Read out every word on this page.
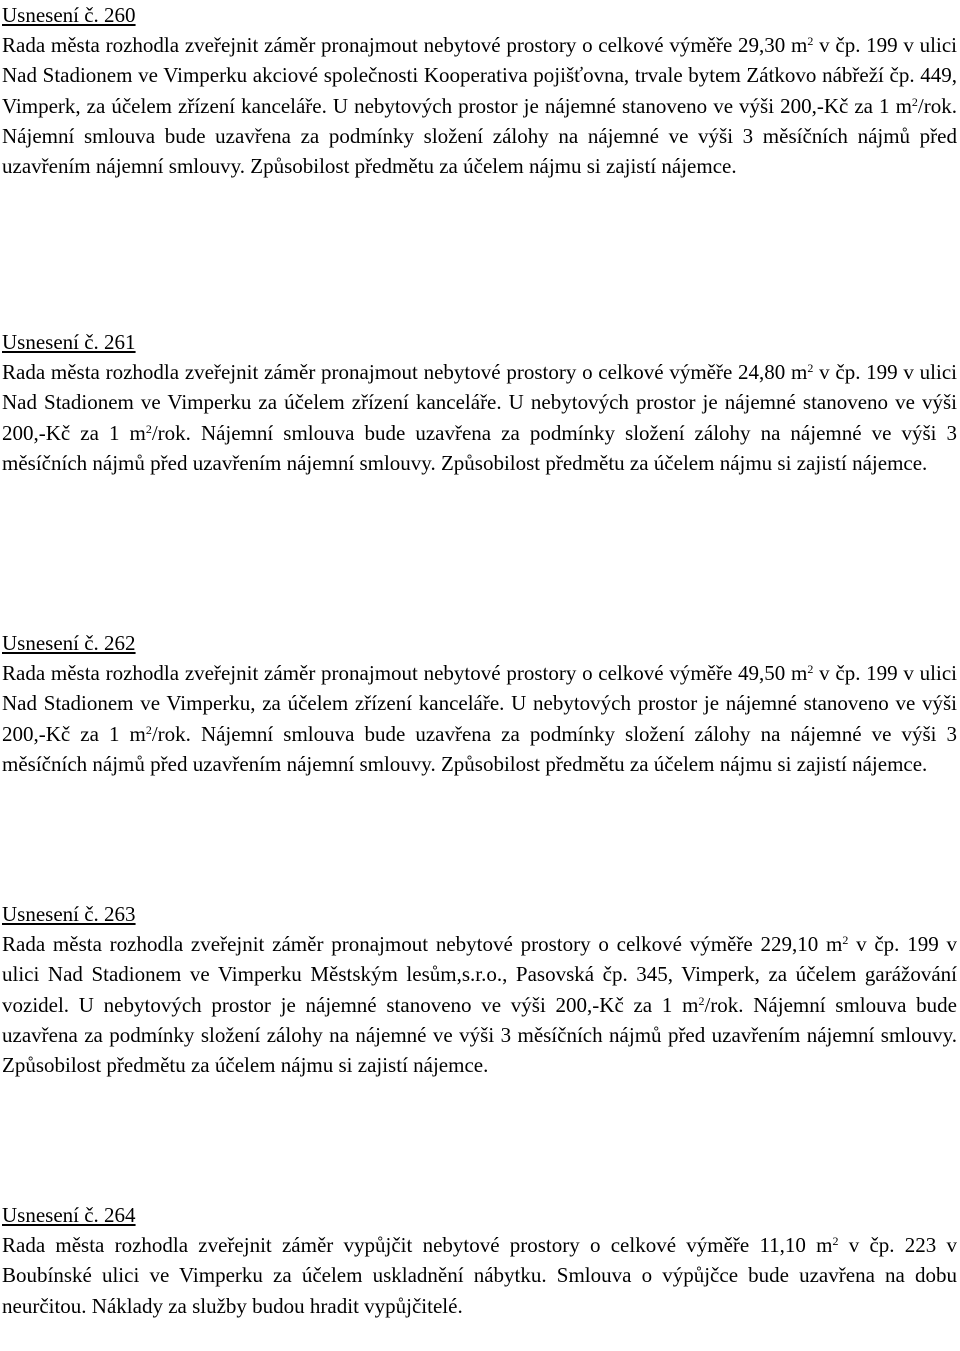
Usnesení č. 260

Rada města rozhodla zveřejnit záměr pronajmout nebytové prostory o celkové výměře 29,30 $m^2$ v čp. 199 v ulici Nad Stadionem ve Vimperku akciové společnosti Kooperativa pojišťovna, trvale bytem Zátkovo nábřeží čp. 449, Vimperk, za účelem zřízení kanceláře. U nebytových prostor je nájemné stanoveno ve výši 200,-Kč za 1 $m^2$/rok. Nájemní smlouva bude uzavřena za podmínky složení zálohy na nájemné ve výši 3 měsíčních nájmů před uzavřením nájemní smlouvy. Způsobilost předmětu za účelem nájmu si zajistí nájemce.

Usnesení č. 261

Rada města rozhodla zveřejnit záměr pronajmout nebytové prostory o celkové výměře 24,80 $m^2$ v čp. 199 v ulici Nad Stadionem ve Vimperku za účelem zřízení kanceláře. U nebytových prostor je nájemné stanoveno ve výši 200,-Kč za 1 $m^2$/rok. Nájemní smlouva bude uzavřena za podmínky složení zálohy na nájemné ve výši 3 měsíčních nájmů před uzavřením nájemní smlouvy. Způsobilost předmětu za účelem nájmu si zajistí nájemce.

Usnesení č. 262

Rada města rozhodla zveřejnit záměr pronajmout nebytové prostory o celkové výměře 49,50 $m^2$ v čp. 199 v ulici Nad Stadionem ve Vimperku, za účelem zřízení kanceláře. U nebytových prostor je nájemné stanoveno ve výši 200,-Kč za 1 $m^2$/rok. Nájemní smlouva bude uzavřena za podmínky složení zálohy na nájemné ve výši 3 měsíčních nájmů před uzavřením nájemní smlouvy. Způsobilost předmětu za účelem nájmu si zajistí nájemce.

Usnesení č. 263

Rada města rozhodla zveřejnit záměr pronajmout nebytové prostory o celkové výměře 229,10 $m^2$ v čp. 199 v ulici Nad Stadionem ve Vimperku Městským lesům,s.r.o., Pasovská čp. 345, Vimperk, za účelem garážování vozidel. U nebytových prostor je nájemné stanoveno ve výši 200,-Kč za 1 $m^2$/rok. Nájemní smlouva bude uzavřena za podmínky složení zálohy na nájemné ve výši 3 měsíčních nájmů před uzavřením nájemní smlouvy. Způsobilost předmětu za účelem nájmu si zajistí nájemce.

Usnesení č. 264

Rada města rozhodla zveřejnit záměr vypůjčit nebytové prostory o celkové výměře 11,10 $m^2$ v čp. 223 v Boubínské ulici ve Vimperku za účelem uskladnění nábytku. Smlouva o výpůjčce bude uzavřena na dobu neurčitou. Náklady za služby budou hradit vypůjčitelé.
